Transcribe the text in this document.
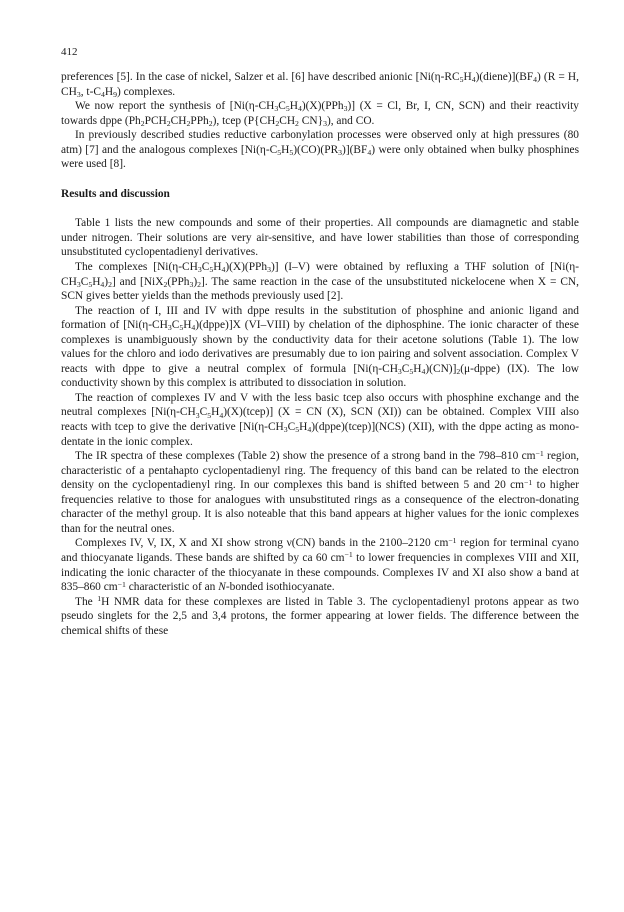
412

preferences [5]. In the case of nickel, Salzer et al. [6] have described anionic $[Ni(\eta-RC_5H_4)(diene)](BF_4) (R = H$, $CH_3$, $t-C_4H_9$) complexes.

We now report the synthesis of $[Ni(\eta-CH_3C_5H_4)(X)(PPh_3)] (X = Cl$, Br, I, CN, SCN) and their reactivity towards dppe $(Ph_2PCH_2CH_2PPh_2)$, tcep ($P\{CH_2CH_2$ $CN\}_3$), and CO.

In previously described studies reductive carbonylation processes were observed only at high pressures (80 atm) [7] and the analogous complexes $[Ni(\eta-C_5H_5)(CO)(PR_3)](BF_4)$ were only obtained when bulky phosphines were used [8].

Results and discussion

Table 1 lists the new compounds and some of their properties. All compounds are diamagnetic and stable under nitrogen. Their solutions are very air-sensitive, and have lower stabilities than those of corresponding unsubstituted cyclopentadienyl derivatives.

The complexes $[Ni(\eta-CH_3C_5H_4)(X)(PPh_3)]$ (I–V) were obtained by refluxing a THF solution of $[Ni(\eta-CH_3C_5H_4)_2]$ and $[NiX_2(PPh_3)_2]$. The same reaction in the case of the unsubstituted nickelocene when X = CN, SCN gives better yields than the methods previously used [2].

The reaction of I, III and IV with dppe results in the substitution of phosphine and anionic ligand and formation of $[Ni(\eta-CH_3C_5H_4)(dppe)]X$ (VI–VIII) by chelation of the diphosphine. The ionic character of these complexes is unambiguously shown by the conductivity data for their acetone solutions (Table 1). The low values for the chloro and iodo derivatives are presumably due to ion pairing and solvent association. Complex V reacts with dppe to give a neutral complex of formula $[Ni(\eta-CH_3C_5H_4)(CN)]_2(\mu-dppe)$ (IX). The low conductivity shown by this complex is attributed to dissociation in solution.

The reaction of complexes IV and V with the less basic tcep also occurs with phosphine exchange and the neutral complexes $[Ni(\eta-CH_3C_5H_4)(X)(tcep)] (X$ = CN (X), SCN (XI)) can be obtained. Complex VIII also reacts with tcep to give the derivative $[Ni(\eta-CH_3C_5H_4)(dppe)(tcep)](NCS)$ (XII), with the dppe acting as monodentate in the ionic complex.

The IR spectra of these complexes (Table 2) show the presence of a strong band in the 798–810 $cm^{-1}$ region, characteristic of a pentahapto cyclopentadienyl ring. The frequency of this band can be related to the electron density on the cyclopentadienyl ring. In our complexes this band is shifted between 5 and 20 $cm^{-1}$ to higher frequencies relative to those for analogues with unsubstituted rings as a consequence of the electron-donating character of the methyl group. It is also noteable that this band appears at higher values for the ionic complexes than for the neutral ones.

Complexes IV, V, IX, X and XI show strong ν(CN) bands in the 2100–2120 $cm^{-1}$ region for terminal cyano and thiocyanate ligands. These bands are shifted by ca 60 $cm^{-1}$ to lower frequencies in complexes VIII and XII, indicating the ionic character of the thiocyanate in these compounds. Complexes IV and XI also show a band at 835–860 $cm^{-1}$ characteristic of an N-bonded isothiocyanate.

The $^1$H NMR data for these complexes are listed in Table 3. The cyclopentadienyl protons appear as two pseudo singlets for the 2,5 and 3,4 protons, the former appearing at lower fields. The difference between the chemical shifts of these
